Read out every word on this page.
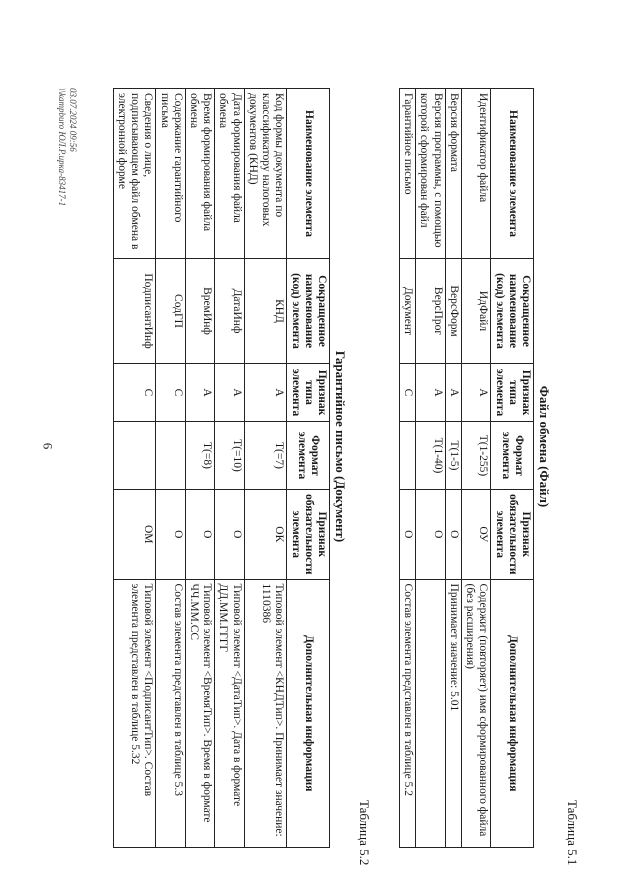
6
Таблица 5.1
Файл обмена (Файл)
Наименование элемента	Сокращенное наименование (код) элемента	Признак типа элемента	Формат элемента	Признак обязательности элемента	Дополнительная информация
Идентификатор файла	ИдФайл	А	Т(1-255)	ОУ	Содержит (повторяет) имя сформированного файла (без расширения)
Версия формата	ВерсФорм	А	Т(1-5)	О	Принимает значение: 5.01
Версия программы, с помощью которой сформирован файл	ВерсПрог	А	Т(1-40)	О	
Гарантийное письмо	Документ	С		О	Состав элемента представлен в таблице 5.2
Таблица 5.2
Гарантийное письмо (Документ)
Наименование элемента	Сокращенное наименование (код) элемента	Признак типа элемента	Формат элемента	Признак обязательности элемента	Дополнительная информация
Код формы документа по классификатору налоговых документов (КНД)	КНД	А	Т(=7)	ОК	Типовой элемент <КНДТип>. Принимает значение: 1110386
Дата формирования файла обмена	ДатаИнф	А	Т(=10)	О	Типовой элемент <ДатаТип>. Дата в формате ДД.ММ.ГГГГ
Время формирования файла обмена	ВремИнф	А	Т(=8)	О	Типовой элемент <ВремяТип>. Время в формате ЧЧ.ММ.СС
Содержание гарантийного письма	СодГП	С		О	Состав элемента представлен в таблице 5.3
Сведения о лице, подписывающем файл обмена в электронной форме	ПодписантИнф	С		ОМ	Типовой элемент <ПодписантТип>. Состав элемента представлен в таблице 5.32
03.07.2024 09:56
\\kampburo ЮЛ.Р.ирка-83417-1
